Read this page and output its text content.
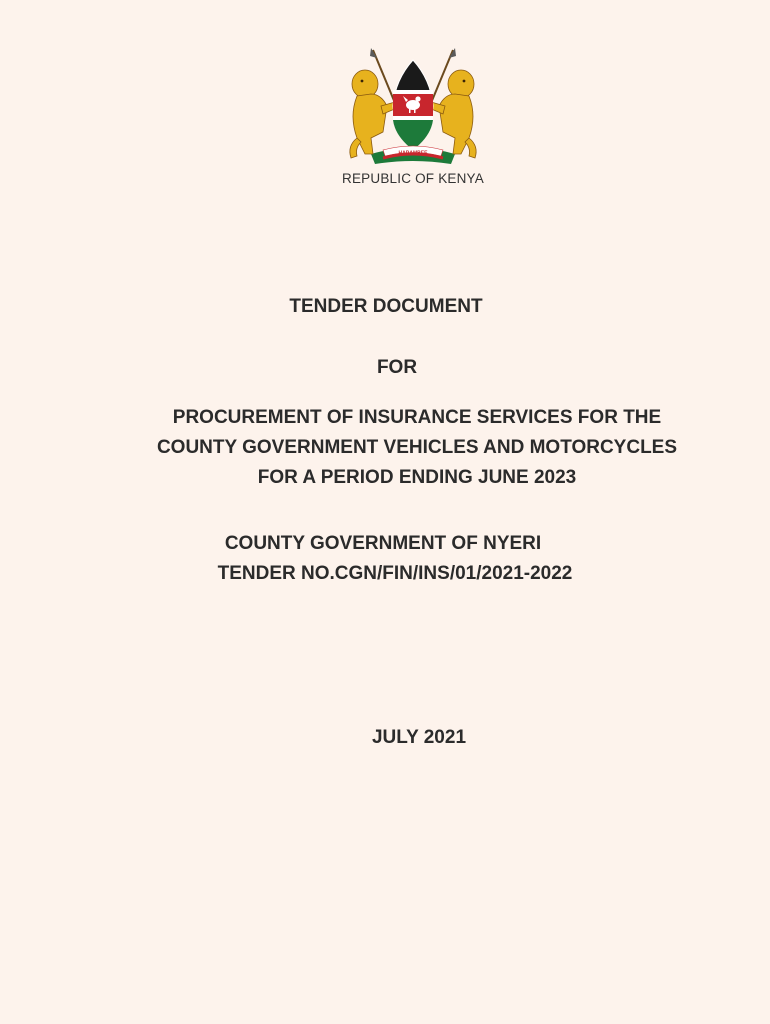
HARAMBEE
REPUBLIC OF KENYA
TENDER DOCUMENT
FOR
PROCUREMENT OF INSURANCE SERVICES FOR THE
COUNTY GOVERNMENT VEHICLES AND MOTORCYCLES
FOR A PERIOD ENDING JUNE 2023
COUNTY GOVERNMENT OF NYERI
TENDER NO.CGN/FIN/INS/01/2021-2022
JULY 2021
